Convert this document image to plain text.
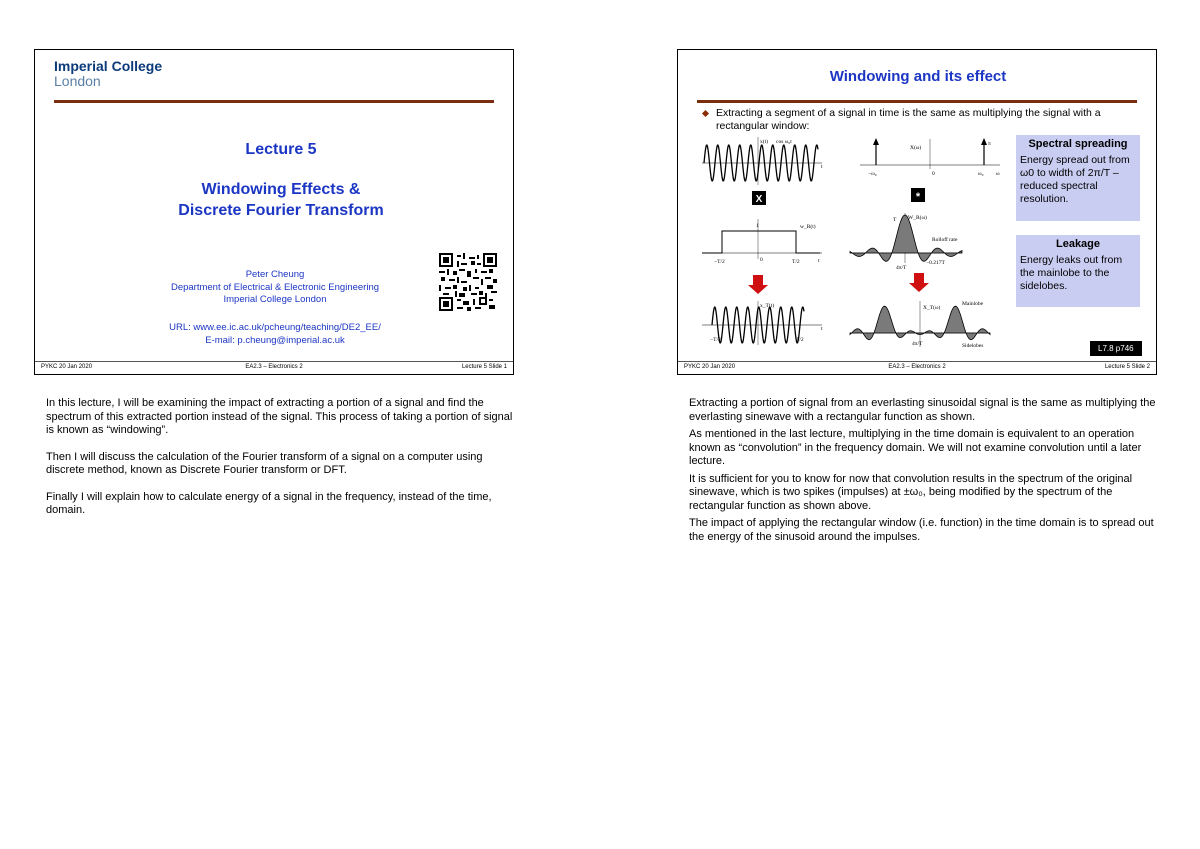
Imperial College
London
Lecture 5
Windowing Effects &
Discrete Fourier Transform
Peter Cheung
Department of Electrical & Electronic Engineering
Imperial College London
URL: www.ee.ic.ac.uk/pcheung/teaching/DE2_EE/
E-mail: p.cheung@imperial.ac.uk
PYKC 20 Jan 2020	EA2.3 – Electronics 2	Lecture 5 Slide 1
Windowing and its effect
Extracting a segment of a signal in time is the same as multiplying the signal with a rectangular window:
x(t) cos ω₀t
t
X(ω)
π
−ω₀	0	ω₀ ω
X	*
1	w_R(t)
−T/2	0	T/2	t
T W_R(ω)
Rolloff rate
−0.217T
4π/T
x_T(t)
−T/2	T/2
t
X_T(ω)
Mainlobe
Sidelobes
4π/T
Spectral spreading
Energy spread out from ω0 to width of 2π/T – reduced spectral resolution.
Leakage
Energy leaks out from the mainlobe to the sidelobes.
L7.8 p746
PYKC 20 Jan 2020	EA2.3 – Electronics 2	Lecture 5 Slide 2

In this lecture, I will be examining the impact of extracting a portion of a signal and find the spectrum of this extracted portion instead of the signal. This process of taking a portion of signal is known as “windowing”.

Then I will discuss the calculation of the Fourier transform of a signal on a computer using discrete method, known as Discrete Fourier transform or DFT.

Finally I will explain how to calculate energy of a signal in the frequency, instead of the time, domain.

Extracting a portion of signal from an everlasting sinusoidal signal is the same as multiplying the everlasting sinewave with a rectangular function as shown.

As mentioned in the last lecture, multiplying in the time domain is equivalent to an operation known as “convolution” in the frequency domain. We will not examine convolution until a later lecture.

It is sufficient for you to know for now that convolution results in the spectrum of the original sinewave, which is two spikes (impulses) at ±ω₀, being modified by the spectrum of the rectangular function as shown above.

The impact of applying the rectangular window (i.e. function) in the time domain is to spread out the energy of the sinusoid around the impulses.
